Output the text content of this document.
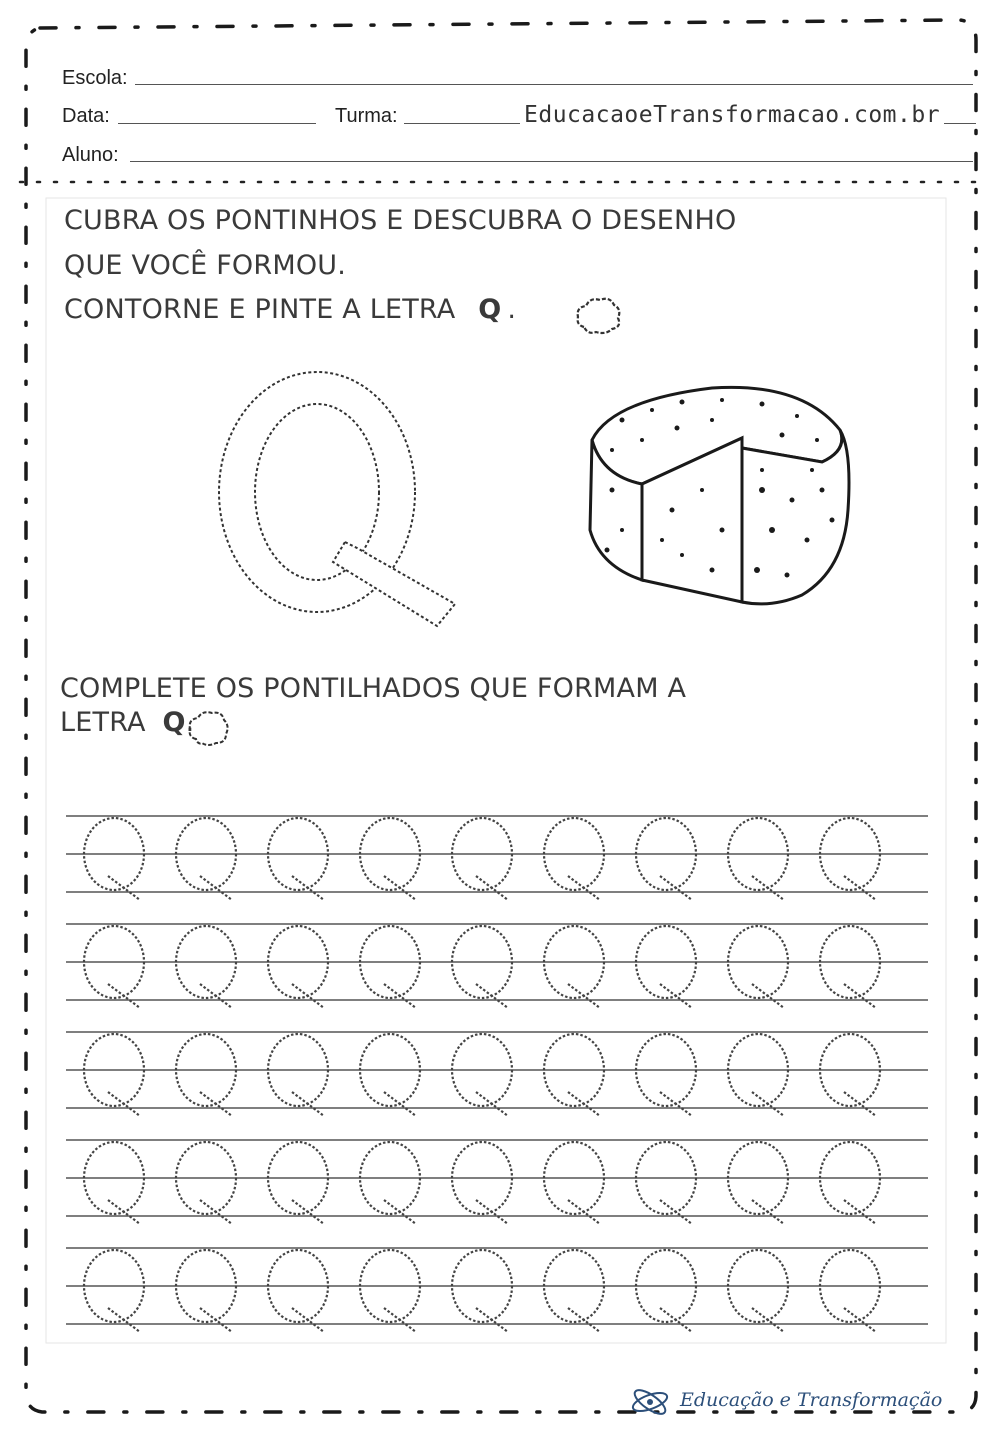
Escola:
Data:	Turma:	EducacaoeTransformacao.com.br
Aluno:
CUBRA OS PONTINHOS E DESCUBRA O DESENHO
QUE VOCÊ FORMOU.
CONTORNE E PINTE A LETRA Q .
COMPLETE OS PONTILHADOS QUE FORMAM A
LETRA Q.
Educação e Transformação
